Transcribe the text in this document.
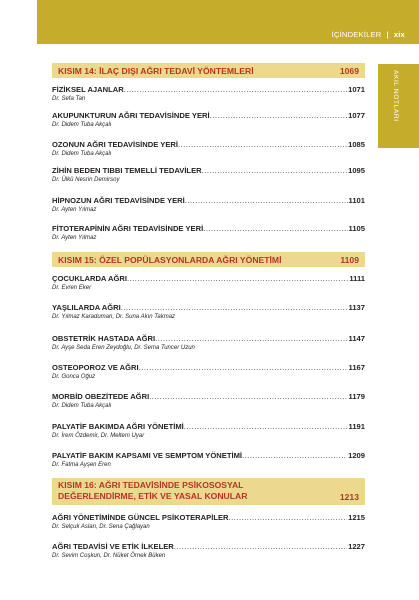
İÇİNDEKİLER | xix
AKIL NOTLARI
KISIM 14: İLAÇ DIŞI AĞRI TEDAVİ YÖNTEMLERİ	1069
FİZİKSEL AJANLAR .....	1071
Dr. Sefa Tan
AKUPUNKTURUN AĞRI TEDAVİSİNDE YERİ .....	1077
Dr. Didem Tuba Akçalı
OZONUN AĞRI TEDAVİSİNDE YERİ .....	1085
Dr. Didem Tuba Akçalı
ZİHİN BEDEN TIBBI TEMELLİ TEDAVİLER .....	1095
Dr. Ülkü Nesrin Demirsoy
HİPNOZUN AĞRI TEDAVİSİNDE YERİ .....	1101
Dr. Ayten Yılmaz
FİTOTERAPİNİN AĞRI TEDAVİSİNDE YERİ .....	1105
Dr. Ayten Yılmaz
KISIM 15: ÖZEL POPÜLASYONLARDA AĞRI YÖNETİMİ	1109
ÇOCUKLARDA AĞRI .....	1111
Dr. Evren Eker
YAŞLILARDA AĞRI .....	1137
Dr. Yılmaz Karaduman, Dr. Suna Akın Takmaz
OBSTETRİK HASTADA AĞRI .....	1147
Dr. Ayşe Seda Eren Zeydoğlu, Dr. Sema Tuncer Uzun
OSTEOPOROZ VE AĞRI .....	1167
Dr. Gonca Oğuz
MORBİD OBEZİTEDE AĞRI .....	1179
Dr. Didem Tuba Akçalı
PALYATİF BAKIMDA AĞRI YÖNETİMİ .....	1191
Dr. İrem Özdemir, Dr. Meltem Uyar
PALYATİF BAKIM KAPSAMI VE SEMPTOM YÖNETİMİ .....	1209
Dr. Fatma Ayşen Eren
KISIM 16: AĞRI TEDAVİSİNDE PSİKOSOSYAL
DEĞERLENDİRME, ETİK VE YASAL KONULAR	1213
AĞRI YÖNETİMİNDE GÜNCEL PSİKOTERAPİLER .....	1215
Dr. Selçuk Aslan, Dr. Sena Çağlayan
AĞRI TEDAVİSİ VE ETİK İLKELER .....	1227
Dr. Sevim Coşkun, Dr. Nüket Örnek Büken
